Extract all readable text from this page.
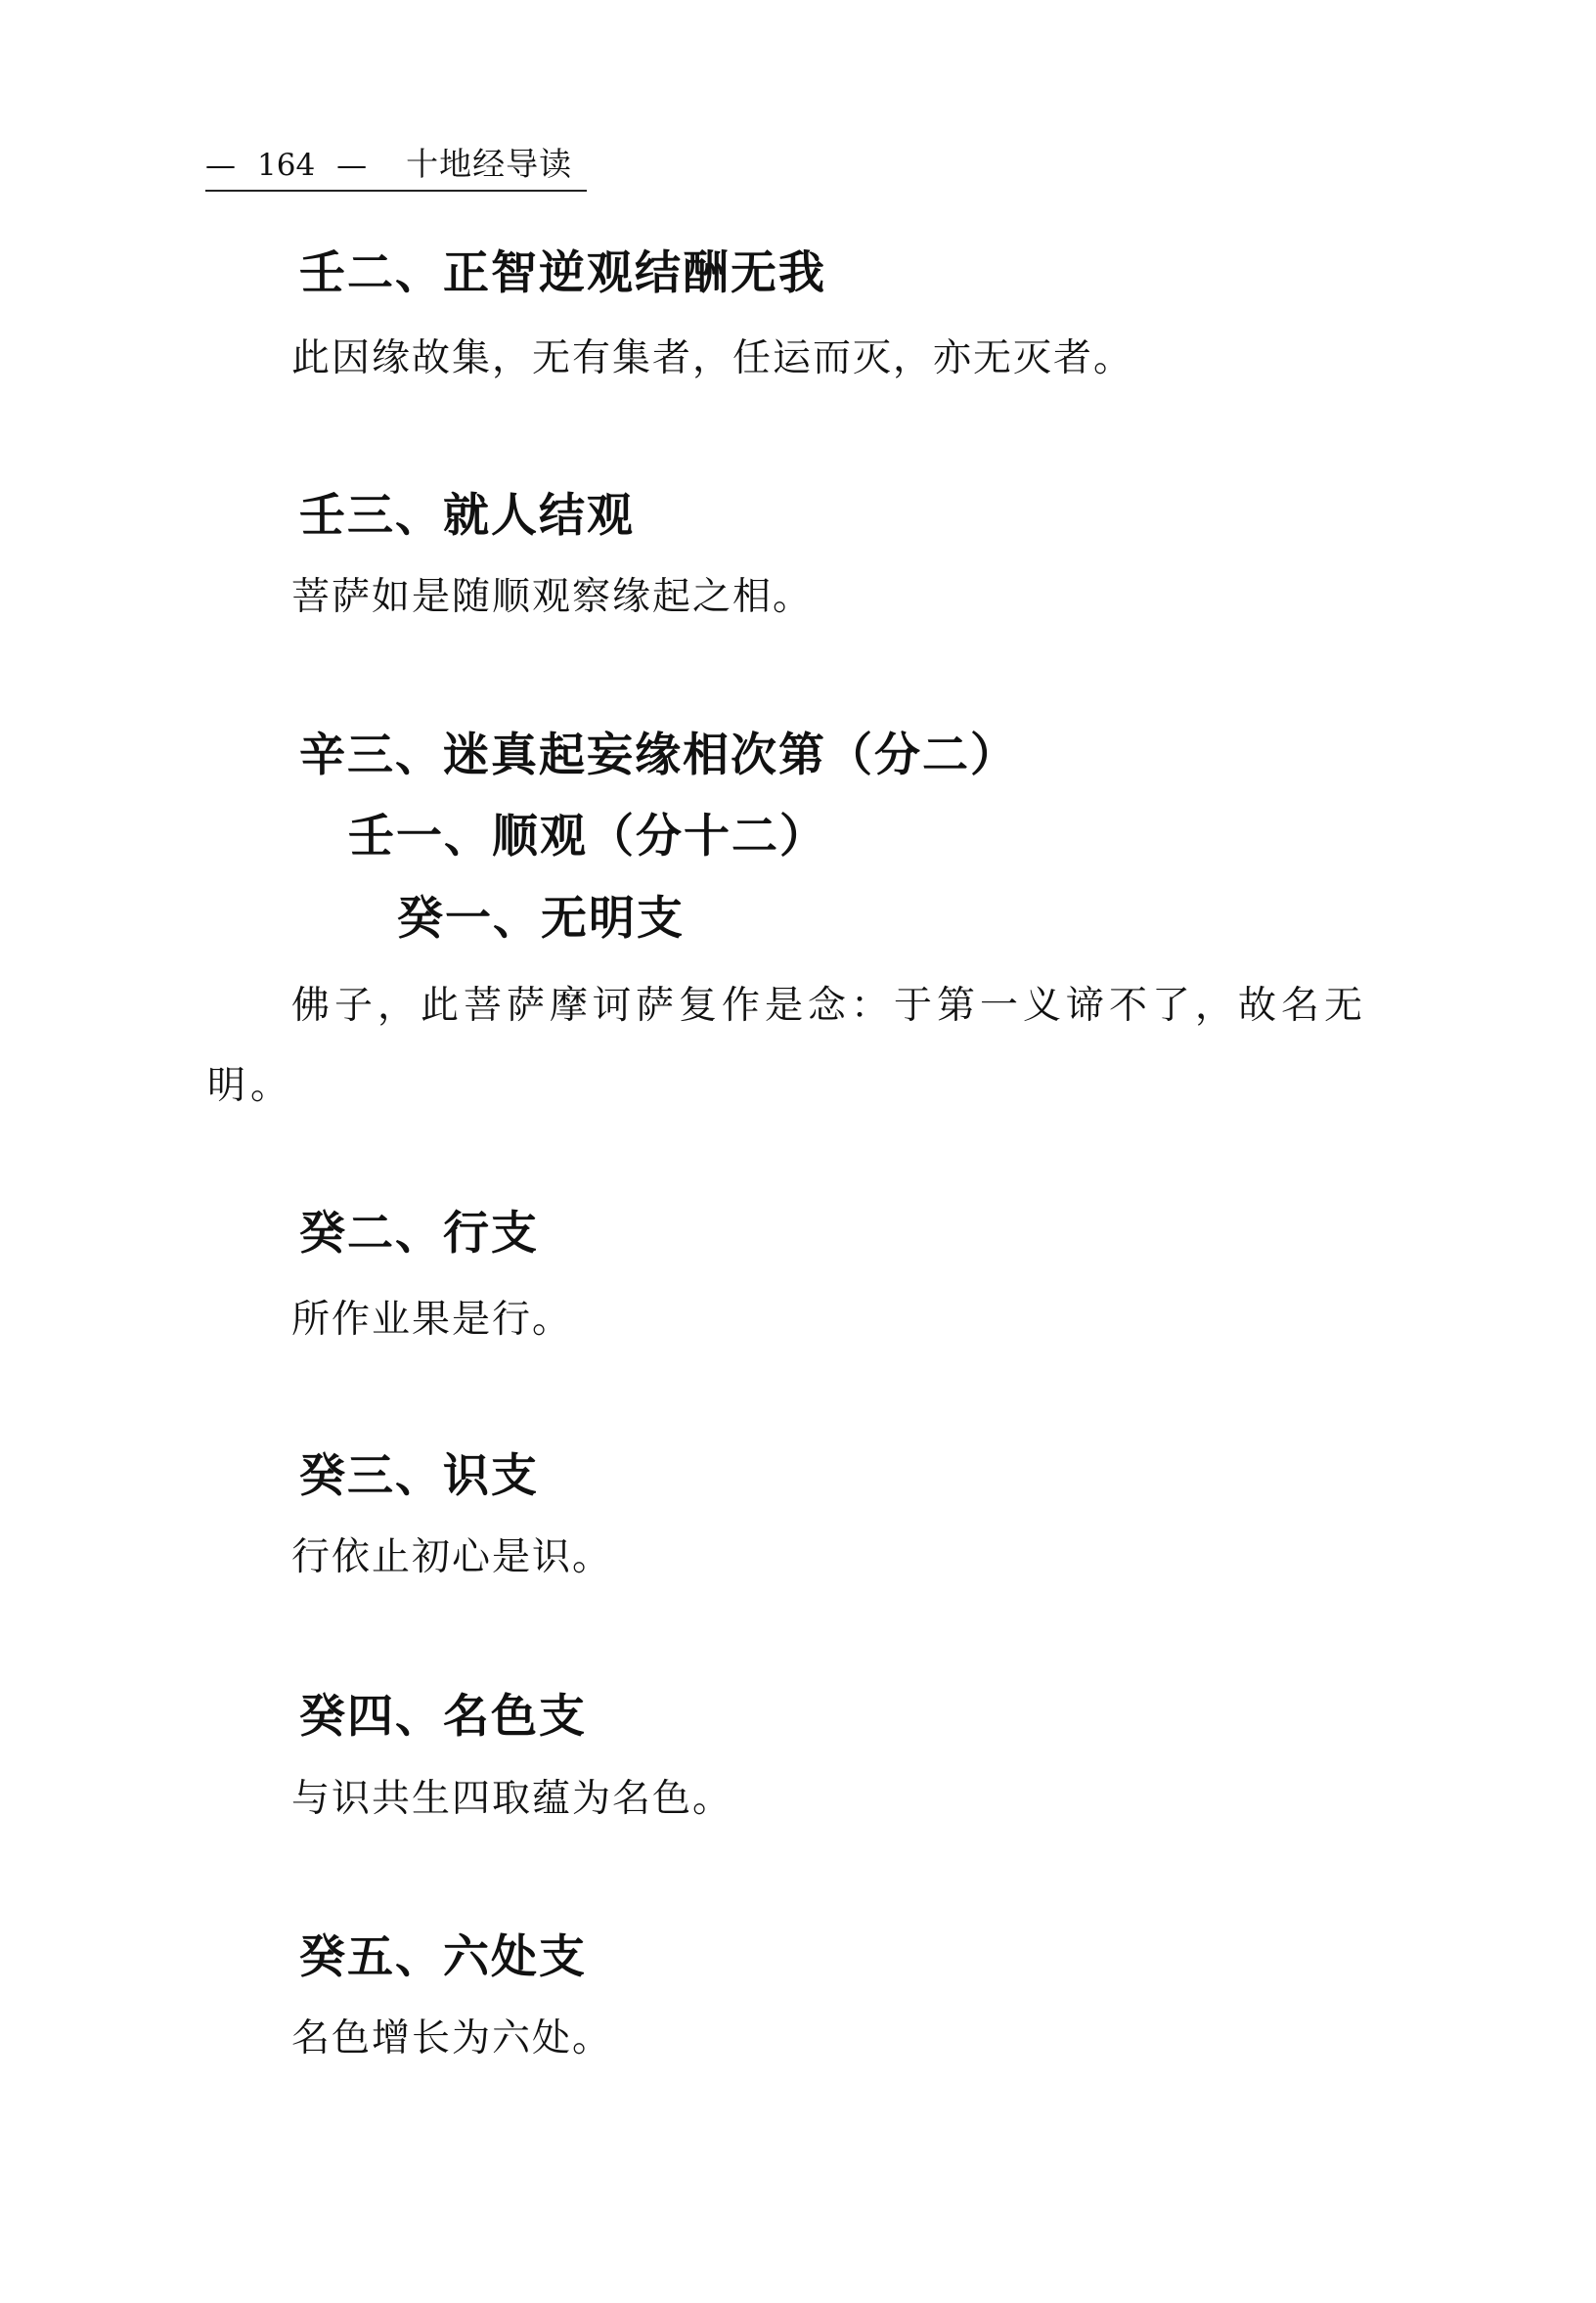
— 164 — 十地经导读
壬二、正智逆观结酬无我
此因缘故集，无有集者，任运而灭，亦无灭者。
壬三、就人结观
菩萨如是随顺观察缘起之相。
辛三、迷真起妄缘相次第（分二）
壬一、顺观（分十二）
癸一、无明支

佛子，此菩萨摩诃萨复作是念：于第一义谛不了，故名无明。

癸二、行支
所作业果是行。
癸三、识支
行依止初心是识。
癸四、名色支
与识共生四取蕴为名色。
癸五、六处支
名色增长为六处。
